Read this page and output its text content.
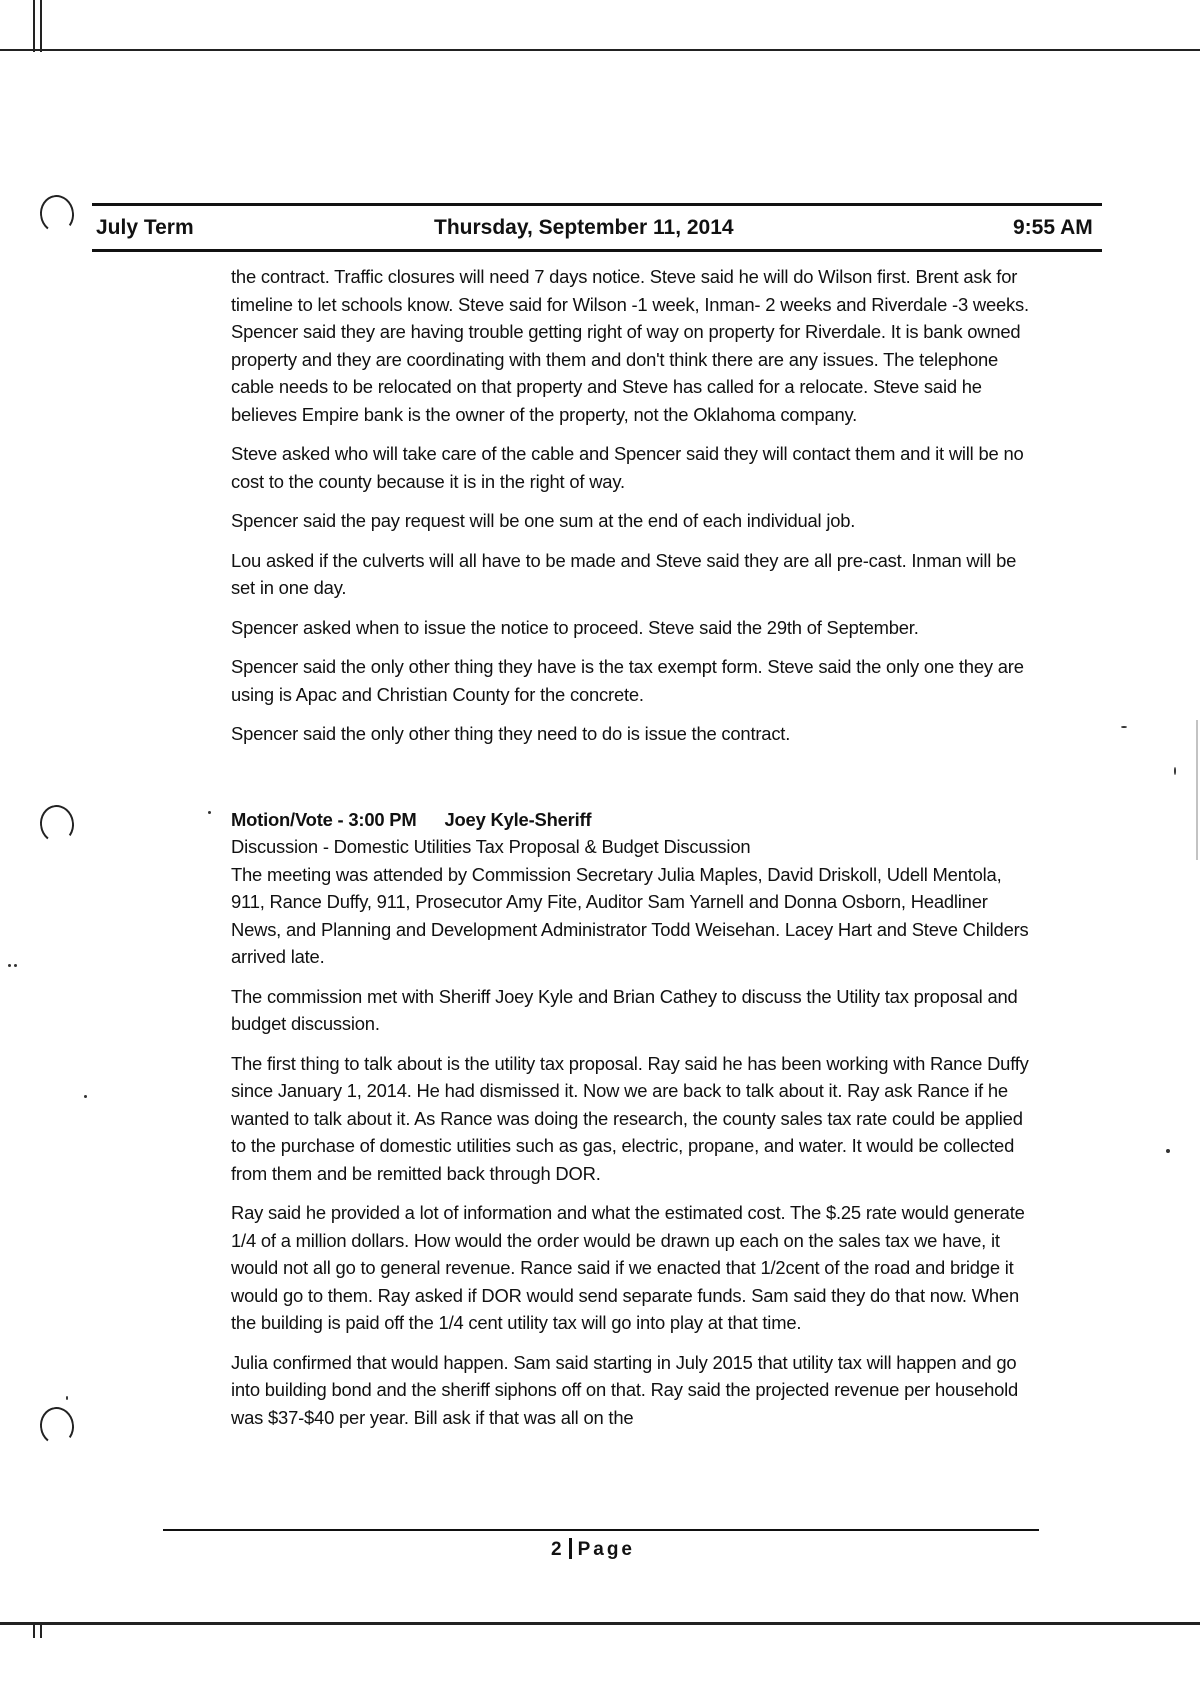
July Term	Thursday, September 11, 2014	9:55 AM

the contract. Traffic closures will need 7 days notice. Steve said he will do Wilson first. Brent ask for timeline to let schools know. Steve said for Wilson -1 week, Inman- 2 weeks and Riverdale -3 weeks. Spencer said they are having trouble getting right of way on property for Riverdale. It is bank owned property and they are coordinating with them and don't think there are any issues. The telephone cable needs to be relocated on that property and Steve has called for a relocate. Steve said he believes Empire bank is the owner of the property, not the Oklahoma company.

Steve asked who will take care of the cable and Spencer said they will contact them and it will be no cost to the county because it is in the right of way.

Spencer said the pay request will be one sum at the end of each individual job.

Lou asked if the culverts will all have to be made and Steve said they are all pre-cast. Inman will be set in one day.

Spencer asked when to issue the notice to proceed. Steve said the 29th of September.

Spencer said the only other thing they have is the tax exempt form. Steve said the only one they are using is Apac and Christian County for the concrete.

Spencer said the only other thing they need to do is issue the contract.

Motion/Vote - 3:00 PM Joey Kyle-Sheriff
Discussion - Domestic Utilities Tax Proposal & Budget Discussion

The meeting was attended by Commission Secretary Julia Maples, David Driskoll, Udell Mentola, 911, Rance Duffy, 911, Prosecutor Amy Fite, Auditor Sam Yarnell and Donna Osborn, Headliner News, and Planning and Development Administrator Todd Weisehan. Lacey Hart and Steve Childers arrived late.

The commission met with Sheriff Joey Kyle and Brian Cathey to discuss the Utility tax proposal and budget discussion.

The first thing to talk about is the utility tax proposal. Ray said he has been working with Rance Duffy since January 1, 2014. He had dismissed it. Now we are back to talk about it. Ray ask Rance if he wanted to talk about it. As Rance was doing the research, the county sales tax rate could be applied to the purchase of domestic utilities such as gas, electric, propane, and water. It would be collected from them and be remitted back through DOR.

Ray said he provided a lot of information and what the estimated cost. The $.25 rate would generate 1/4 of a million dollars. How would the order would be drawn up each on the sales tax we have, it would not all go to general revenue. Rance said if we enacted that 1/2cent of the road and bridge it would go to them. Ray asked if DOR would send separate funds. Sam said they do that now. When the building is paid off the 1/4 cent utility tax will go into play at that time.

Julia confirmed that would happen. Sam said starting in July 2015 that utility tax will happen and go into building bond and the sheriff siphons off on that. Ray said the projected revenue per household was $37-$40 per year. Bill ask if that was all on the

2 Page
